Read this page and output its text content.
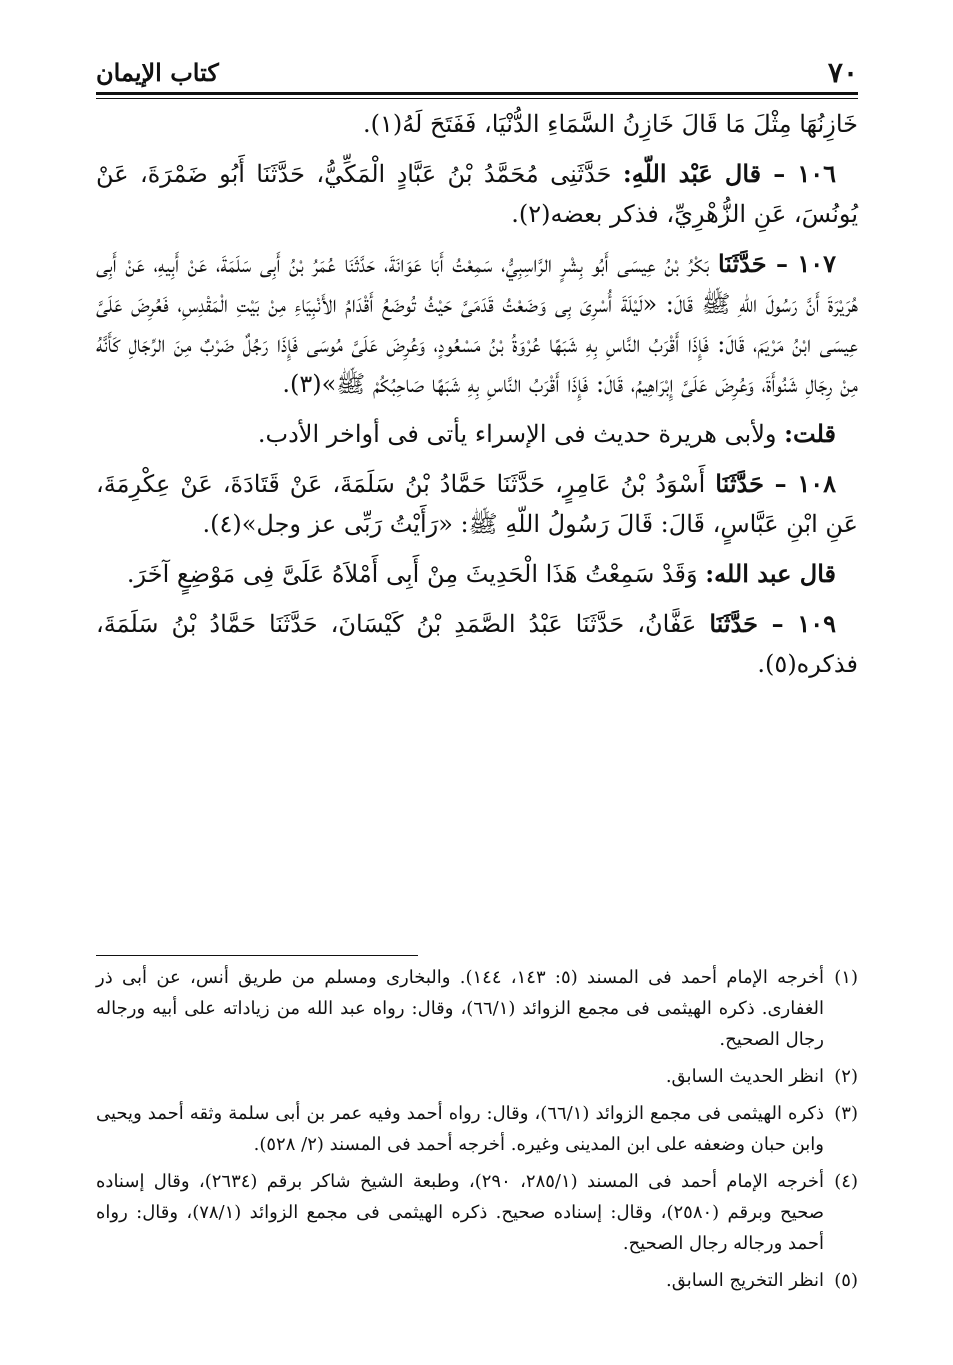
٧٠
كتاب الإيمان

خَازِنُهَا مِثْلَ مَا قَالَ خَازِنُ السَّمَاءِ الدُّنْيَا، فَفَتَحَ لَهُ(١).

١٠٦ – قال عَبْد اللّهِ: حَدَّثَنِى مُحَمَّدُ بْنُ عَبَّادٍ الْمَكِّيُّ، حَدَّثَنَا أَبُو ضَمْرَةَ، عَنْ يُونُسَ، عَنِ الزُّهْرِيِّ، فذكر بعضه(٢).

١٠٧ – حَدَّثَنَا بَكْرُ بْنُ عِيسَى أَبُو بِشْرٍ الرَّاسِبِيُّ، سَمِعْتُ أَبَا عَوَانَةَ، حَدَّثَنَا عُمَرُ بْنُ أَبِى سَلَمَةَ، عَنْ أَبِيهِ، عَنْ أَبِى هُرَيْرَةَ أَنَّ رَسُولَ اللّهِ ﷺ قَالَ: «لَيْلَةَ أُسْرِىَ بِى وَضَعْتُ قَدَمَىَّ حَيْثُ تُوضَعُ أَقْدَامُ الأَنْبِيَاءِ مِنْ بَيْتِ الْمَقْدِسِ، فَعُرِضَ عَلَىَّ عِيسَى ابْنُ مَرْيَمَ، قَالَ: فَإِذَا أَقْرَبُ النَّاسِ بِهِ شَبَهًا عُرْوَةُ بْنُ مَسْعُودٍ، وَعُرِضَ عَلَىَّ مُوسَى فَإِذَا رَجُلٌ ضَرْبٌ مِنَ الرِّجَالِ كَأَنَّهُ مِنْ رِجَالِ شَنُوأَةَ، وَعُرِضَ عَلَىَّ إِبْرَاهِيمُ، قَالَ: فَإِذَا أَقْرَبُ النَّاسِ بِهِ شَبَهًا صَاحِبُكُمْ ﷺ»(٣).

قلت: ولأبى هريرة حديث فى الإسراء يأتى فى أواخر الأدب.

١٠٨ – حَدَّثَنَا أَسْوَدُ بْنُ عَامِرٍ، حَدَّثَنَا حَمَّادُ بْنُ سَلَمَةَ، عَنْ قَتَادَةَ، عَنْ عِكْرِمَةَ، عَنِ ابْنِ عَبَّاسٍ، قَالَ: قَالَ رَسُولُ اللّهِ ﷺ: «رَأَيْتُ رَبِّى عز وجل»(٤).

قال عبد الله: وَقَدْ سَمِعْتُ هَذَا الْحَدِيثَ مِنْ أَبِى أَمْلاَهُ عَلَىَّ فِى مَوْضِعٍ آخَرَ.

١٠٩ – حَدَّثَنَا عَفَّانُ، حَدَّثَنَا عَبْدُ الصَّمَدِ بْنُ كَيْسَانَ، حَدَّثَنَا حَمَّادُ بْنُ سَلَمَةَ، فذكره(٥).

(١)
أخرجه الإمام أحمد فى المسند (٥: ١٤٣، ١٤٤). والبخارى ومسلم من طريق أنس، عن أبى ذر الغفارى. ذكره الهيثمى فى مجمع الزوائد (٦٦/١)، وقال: رواه عبد الله من زياداته على أبيه ورجاله رجال الصحيح.

(٢)
انظر الحديث السابق.

(٣)
ذكره الهيثمى فى مجمع الزوائد (٦٦/١)، وقال: رواه أحمد وفيه عمر بن أبى سلمة وثقه أحمد ويحيى وابن حبان وضعفه على ابن المدينى وغيره. أخرجه أحمد فى المسند (٢/ ٥٢٨).

(٤)
أخرجه الإمام أحمد فى المسند (٢٨٥/١، ٢٩٠)، وطبعة الشيخ شاكر برقم (٢٦٣٤)، وقال إسناده صحيح وبرقم (٢٥٨٠)، وقال: إسناده صحيح. ذكره الهيثمى فى مجمع الزوائد (٧٨/١)، وقال: رواه أحمد ورجاله رجال الصحيح.

(٥)
انظر التخريج السابق.
